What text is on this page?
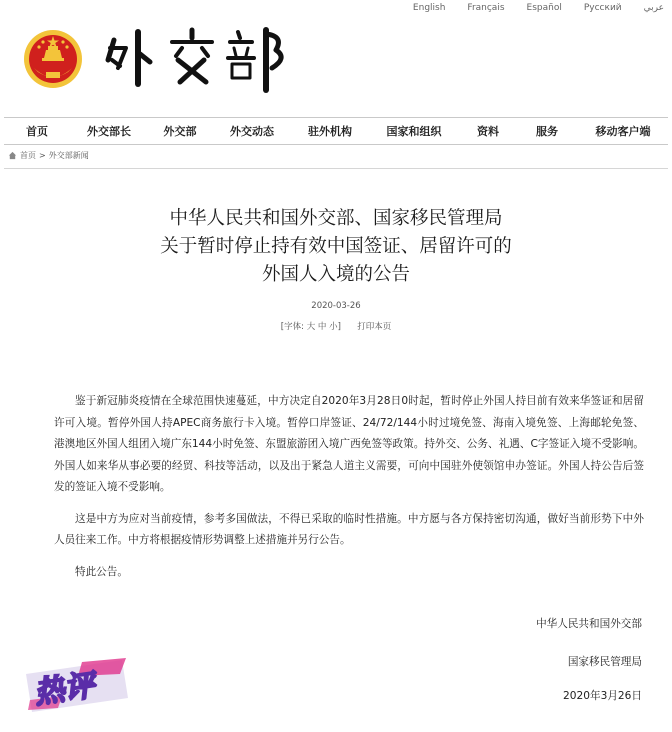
English Français Español Русский عربي
首页	外交部长	外交部	外交动态	驻外机构	国家和组织	资料	服务	移动客户端
首页 > 外交部新闻
中华人民共和国外交部、国家移民管理局
关于暂时停止持有效中国签证、居留许可的
外国人入境的公告
2020-03-26
[字体: 大 中 小] 打印本页

鉴于新冠肺炎疫情在全球范围快速蔓延，中方决定自2020年3月28日0时起，暂时停止外国人持目前有效来华签证和居留许可入境。暂停外国人持APEC商务旅行卡入境。暂停口岸签证、24/72/144小时过境免签、海南入境免签、上海邮轮免签、港澳地区外国人组团入境广东144小时免签、东盟旅游团入境广西免签等政策。持外交、公务、礼遇、C字签证入境不受影响。外国人如来华从事必要的经贸、科技等活动，以及出于紧急人道主义需要，可向中国驻外使领馆申办签证。外国人持公告后签发的签证入境不受影响。

这是中方为应对当前疫情，参考多国做法，不得已采取的临时性措施。中方愿与各方保持密切沟通，做好当前形势下中外人员往来工作。中方将根据疫情形势调整上述措施并另行公告。

特此公告。

中华人民共和国外交部
国家移民管理局
2020年3月26日
热评
